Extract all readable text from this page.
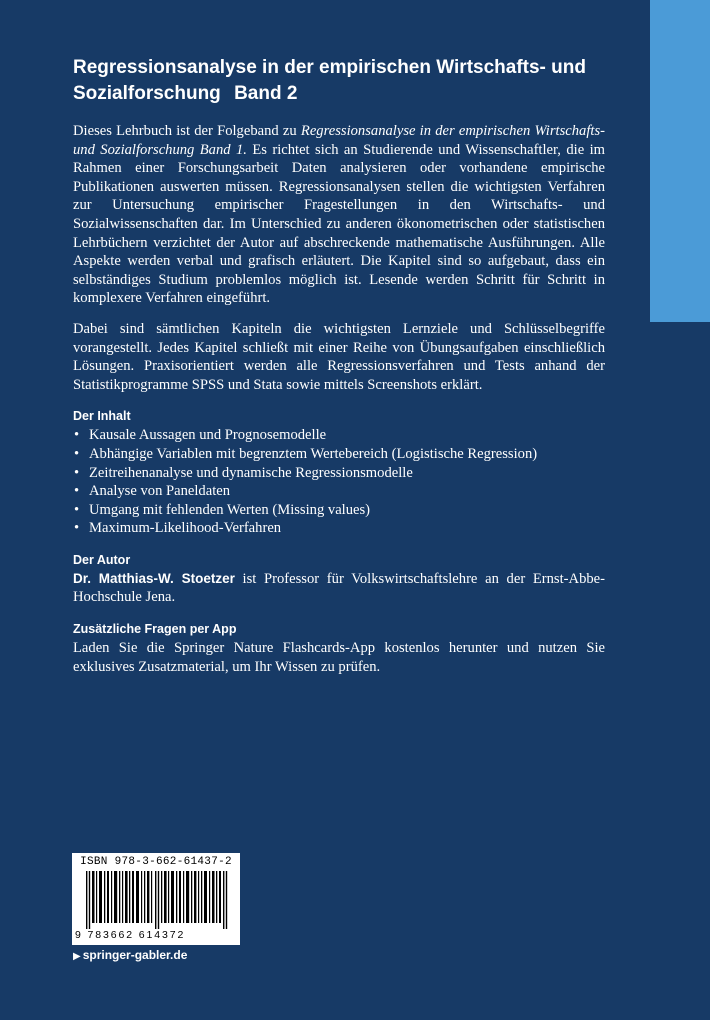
Regressionsanalyse in der empirischen Wirtschafts- und
Sozialforschung Band 2

Dieses Lehrbuch ist der Folgeband zu Regressionsanalyse in der empirischen Wirtschafts- und Sozialforschung Band 1. Es richtet sich an Studierende und Wissenschaftler, die im Rahmen einer Forschungsarbeit Daten analysieren oder vorhandene empirische Publikationen auswerten müssen. Regressionsanalysen stellen die wichtigsten Verfahren zur Untersuchung empirischer Fragestellungen in den Wirtschafts- und Sozialwissenschaften dar. Im Unterschied zu anderen ökonometrischen oder statistischen Lehrbüchern verzichtet der Autor auf abschreckende mathematische Ausführungen. Alle Aspekte werden verbal und grafisch erläutert. Die Kapitel sind so aufgebaut, dass ein selbständiges Studium problemlos möglich ist. Lesende werden Schritt für Schritt in komplexere Verfahren eingeführt.

Dabei sind sämtlichen Kapiteln die wichtigsten Lernziele und Schlüsselbegriffe vorangestellt. Jedes Kapitel schließt mit einer Reihe von Übungsaufgaben einschließlich Lösungen. Praxisorientiert werden alle Regressionsverfahren und Tests anhand der Statistikprogramme SPSS und Stata sowie mittels Screenshots erklärt.

Der Inhalt
• Kausale Aussagen und Prognosemodelle
• Abhängige Variablen mit begrenztem Wertebereich (Logistische Regression)
• Zeitreihenanalyse und dynamische Regressionsmodelle
• Analyse von Paneldaten
• Umgang mit fehlenden Werten (Missing values)
• Maximum-Likelihood-Verfahren
Der Autor

Dr. Matthias-W. Stoetzer ist Professor für Volkswirtschaftslehre an der Ernst-Abbe-Hochschule Jena.

Zusätzliche Fragen per App

Laden Sie die Springer Nature Flashcards-App kostenlos herunter und nutzen Sie exklusives Zusatzmaterial, um Ihr Wissen zu prüfen.

ISBN 978-3-662-61437-2
9 783662 614372
▶ springer-gabler.de
